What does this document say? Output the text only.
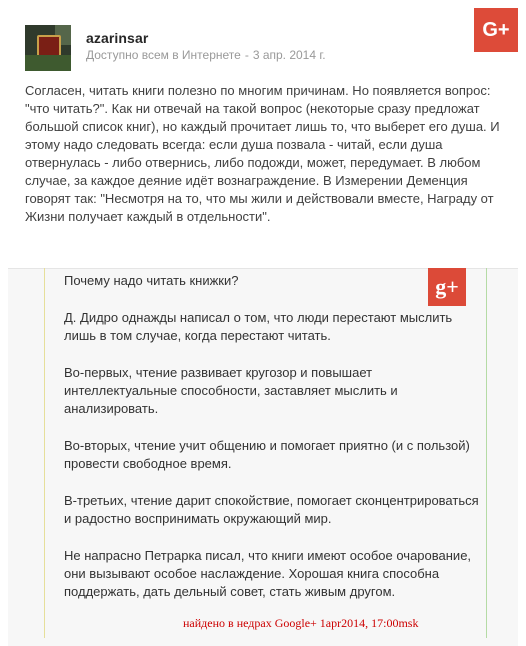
azarinsar
Доступно всем в Интернете - 3 апр. 2014 г.
G+

Согласен, читать книги полезно по многим причинам. Но появляется вопрос: "что читать?". Как ни отвечай на такой вопрос (некоторые сразу предложат большой список книг), но каждый прочитает лишь то, что выберет его душа. И этому надо следовать всегда: если душа позвала - читай, если душа отвернулась - либо отвернись, либо подожди, может, передумает. В любом случае, за каждое деяние идёт вознаграждение. В Измерении Деменция говорят так: "Несмотря на то, что мы жили и действовали вместе, Награду от Жизни получает каждый в отдельности".

Почему надо читать книжки?

Д. Дидро однажды написал о том, что люди перестают мыслить лишь в том случае, когда перестают читать.

Во-первых, чтение развивает кругозор и повышает интеллектуальные способности, заставляет мыслить и анализировать.

Во-вторых, чтение учит общению и помогает приятно (и с пользой) провести свободное время.

В-третьих, чтение дарит спокойствие, помогает сконцентрироваться и радостно воспринимать окружающий мир.

Не напрасно Петрарка писал, что книги имеют особое очарование, они вызывают особое наслаждение. Хорошая книга способна поддержать, дать дельный совет, стать живым другом.

g+
найдено в недрах Google+ 1apr2014, 17:00msk
